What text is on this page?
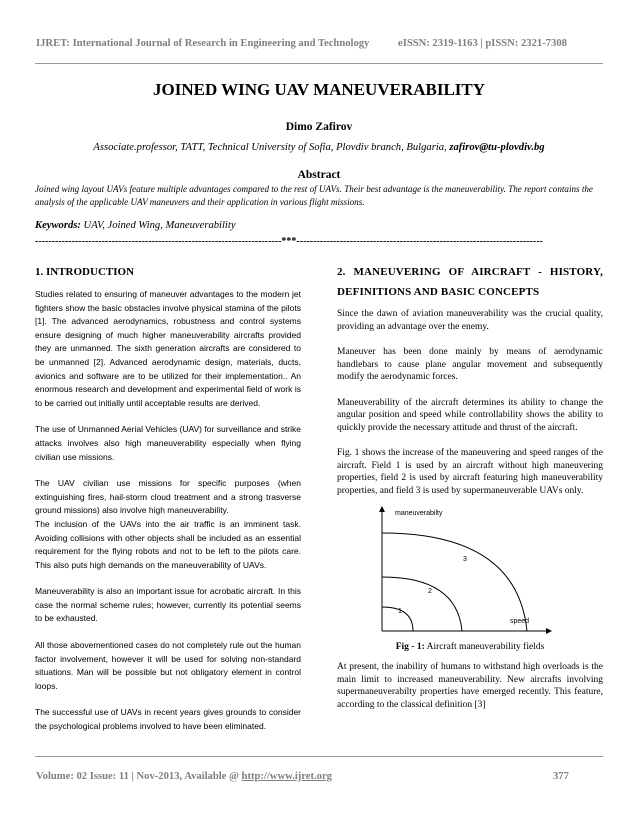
IJRET: International Journal of Research in Engineering and Technology	eISSN: 2319-1163 | pISSN: 2321-7308
JOINED WING UAV MANEUVERABILITY
Dimo Zafirov
Associate.professor, TATT, Technical University of Sofia, Plovdiv branch, Bulgaria, zafirov@tu-plovdiv.bg
Abstract
Joined wing layout UAVs feature multiple advantages compared to the rest of UAVs. Their best advantage is the maneuverability. The report contains the analysis of the applicable UAV maneuvers and their application in various flight missions.
Keywords: UAV, Joined Wing, Maneuverability
--------------------------------------------------------------------------***--------------------------------------------------------------------------
1. INTRODUCTION

Studies related to ensuring of maneuver advantages to the modern jet fighters show the basic obstacles involve physical stamina of the pilots [1]. The advanced aerodynamics, robustness and control systems ensure designing of much higher maneuverability aircrafts provided they are unmanned. The sixth generation aircrafts are considered to be unmanned [2]. Advanced aerodynamic design, materials, ducts, avionics and software are to be utilized for their implementation.. An enormous research and development and experimental field of work is to be carried out initially until acceptable results are derived.

The use of Unmanned Aerial Vehicles (UAV) for surveillance and strike attacks involves also high maneuverability especially when flying civilian use missions.

The UAV civilian use missions for specific purposes (when extinguishing fires, hail-storm cloud treatment and a strong trasverse ground missions) also involve high maneuverability.

The inclusion of the UAVs into the air traffic is an imminent task. Avoiding collisions with other objects shall be included as an essential requirement for the flying robots and not to be left to the pilots care. This also puts high demands on the maneuverability of UAVs.

Maneuverability is also an important issue for acrobatic aircraft. In this case the normal scheme rules; however, currently its potential seems to be exhausted.

All those abovementioned cases do not completely rule out the human factor involvement, however it will be used for solving non-standard situations. Man will be possible but not obligatory element in control loops.

The successful use of UAVs in recent years gives grounds to consider the psychological problems involved to have been eliminated.

2. MANEUVERING OF AIRCRAFT - HISTORY, DEFINITIONS AND BASIC CONCEPTS

Since the dawn of aviation maneuverability was the crucial quality, providing an advantage over the enemy.

Maneuver has been done mainly by means of aerodynamic handlebars to cause plane angular movement and subsequently modify the aerodynamic forces.

Maneuverability of the aircraft determines its ability to change the angular position and speed while controllability shows the ability to quickly provide the necessary attitude and thrust of the aircraft.

Fig. 1 shows the increase of the maneuvering and speed ranges of the aircraft. Field 1 is used by an aircraft without high maneuvering properties, field 2 is used by aircraft featuring high maneuverability properties, and field 3 is used by supermaneuverable UAVs only.

maneuverabilty
speed
1
2
3
Fig - 1: Aircraft maneuverability fields

At present, the inability of humans to withstand high overloads is the main limit to increased maneuverability. New aircrafts involving supermaneuverabilty properties have emerged recently. This feature, according to the classical definition [3]

Volume: 02 Issue: 11 | Nov-2013, Available @ http://www.ijret.org	377
